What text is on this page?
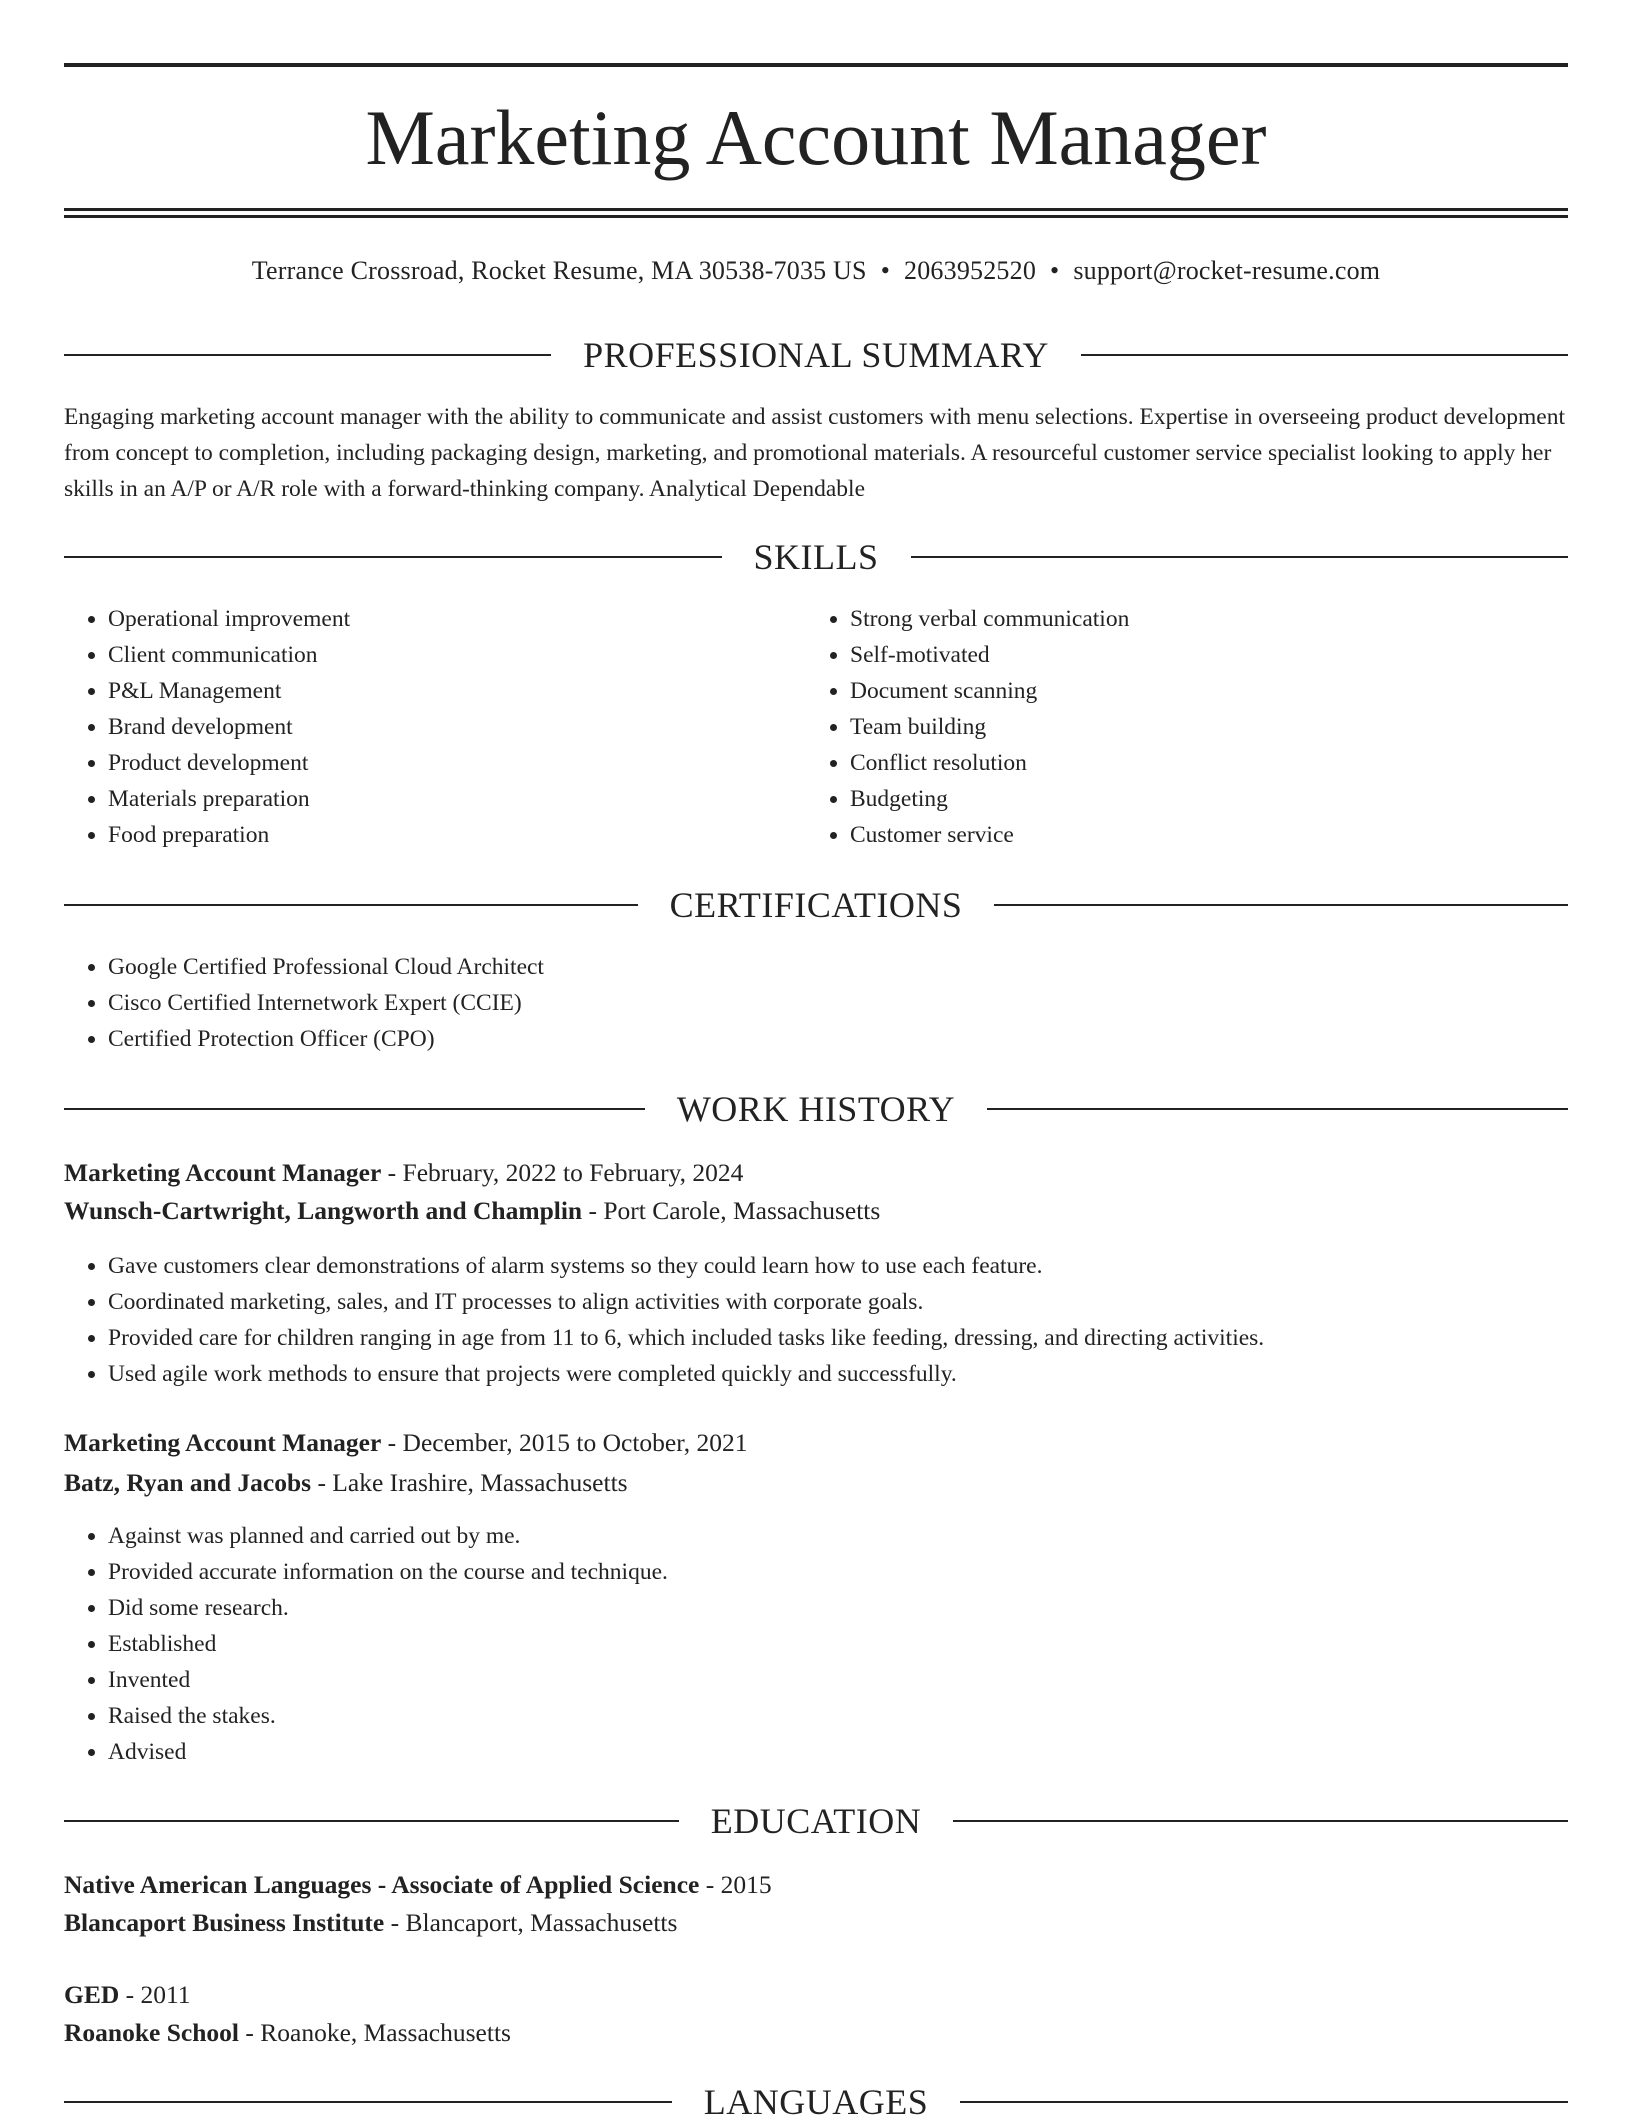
Marketing Account Manager
Terrance Crossroad, Rocket Resume, MA 30538-7035 US • 2063952520 • support@rocket-resume.com
PROFESSIONAL SUMMARY

Engaging marketing account manager with the ability to communicate and assist customers with menu selections. Expertise in overseeing product development from concept to completion, including packaging design, marketing, and promotional materials. A resourceful customer service specialist looking to apply her skills in an A/P or A/R role with a forward-thinking company. Analytical Dependable

SKILLS
• Operational improvement
• Client communication
• P&L Management
• Brand development
• Product development
• Materials preparation
• Food preparation
• Strong verbal communication
• Self-motivated
• Document scanning
• Team building
• Conflict resolution
• Budgeting
• Customer service
CERTIFICATIONS
• Google Certified Professional Cloud Architect
• Cisco Certified Internetwork Expert (CCIE)
• Certified Protection Officer (CPO)
WORK HISTORY
Marketing Account Manager - February, 2022 to February, 2024
Wunsch-Cartwright, Langworth and Champlin - Port Carole, Massachusetts
• Gave customers clear demonstrations of alarm systems so they could learn how to use each feature.
• Coordinated marketing, sales, and IT processes to align activities with corporate goals.
• Provided care for children ranging in age from 11 to 6, which included tasks like feeding, dressing, and directing activities.
• Used agile work methods to ensure that projects were completed quickly and successfully.
Marketing Account Manager - December, 2015 to October, 2021
Batz, Ryan and Jacobs - Lake Irashire, Massachusetts
• Against was planned and carried out by me.
• Provided accurate information on the course and technique.
• Did some research.
• Established
• Invented
• Raised the stakes.
• Advised
EDUCATION
Native American Languages - Associate of Applied Science - 2015
Blancaport Business Institute - Blancaport, Massachusetts
GED - 2011
Roanoke School - Roanoke, Massachusetts
LANGUAGES
